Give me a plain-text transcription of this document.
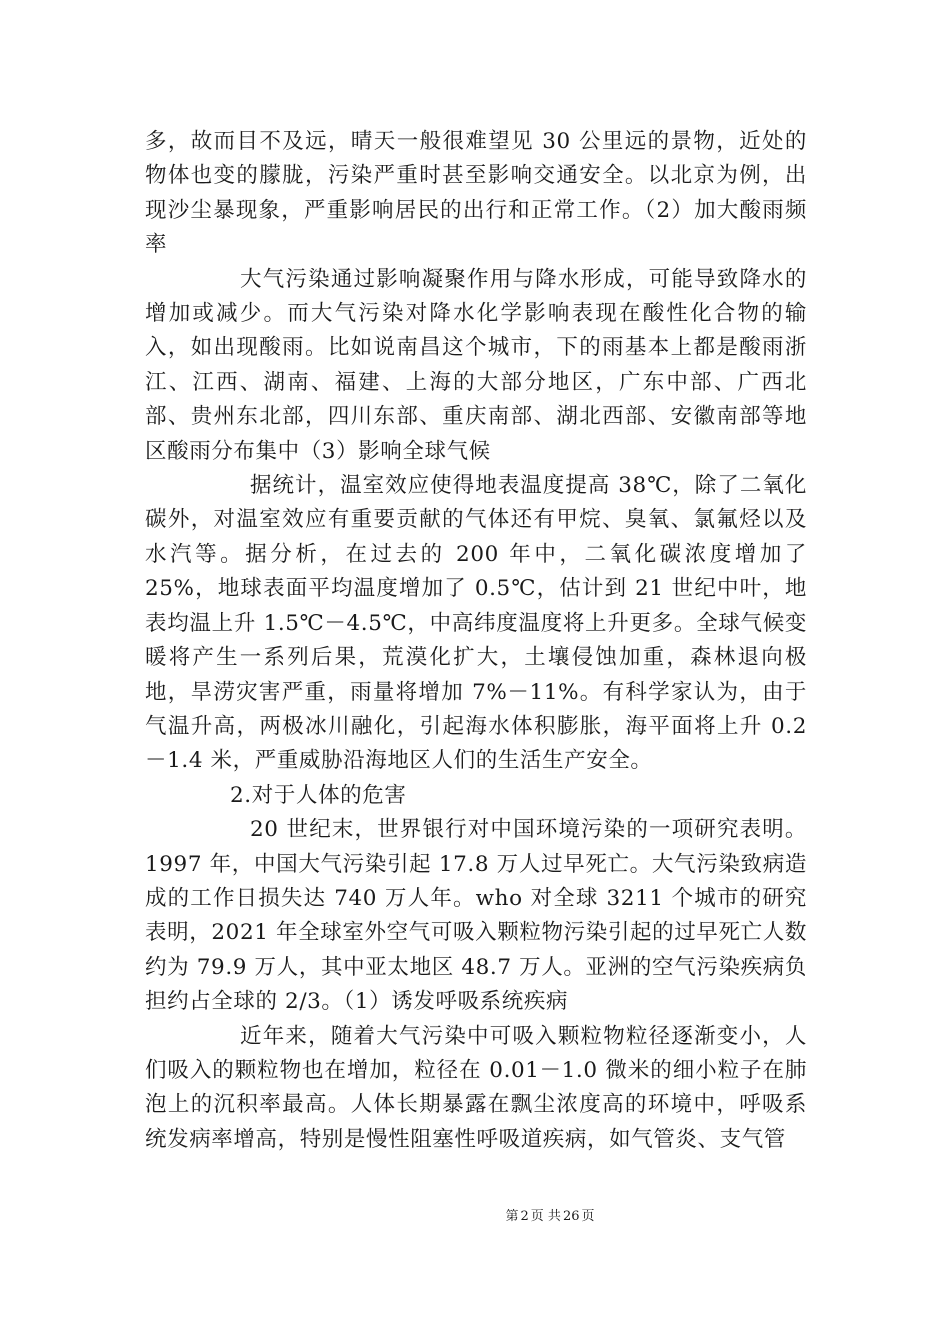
多，故而目不及远，晴天一般很难望见 30 公里远的景物，近处的物体也变的朦胧，污染严重时甚至影响交通安全。以北京为例，出现沙尘暴现象，严重影响居民的出行和正常工作。（2）加大酸雨频率

大气污染通过影响凝聚作用与降水形成，可能导致降水的增加或减少。而大气污染对降水化学影响表现在酸性化合物的输入，如出现酸雨。比如说南昌这个城市，下的雨基本上都是酸雨浙江、江西、湖南、福建、上海的大部分地区，广东中部、广西北部、贵州东北部，四川东部、重庆南部、湖北西部、安徽南部等地区酸雨分布集中（3）影响全球气候

据统计，温室效应使得地表温度提高 38℃，除了二氧化碳外，对温室效应有重要贡献的气体还有甲烷、臭氧、氯氟烃以及水汽等。据分析，在过去的 200 年中，二氧化碳浓度增加了 25%，地球表面平均温度增加了 0.5℃，估计到 21 世纪中叶，地表均温上升 1.5℃－4.5℃，中高纬度温度将上升更多。全球气候变暖将产生一系列后果，荒漠化扩大，土壤侵蚀加重，森林退向极地，旱涝灾害严重，雨量将增加 7%－11%。有科学家认为，由于气温升高，两极冰川融化，引起海水体积膨胀，海平面将上升 0.2－1.4 米，严重威胁沿海地区人们的生活生产安全。

2.对于人体的危害

20 世纪末，世界银行对中国环境污染的一项研究表明。1997 年，中国大气污染引起 17.8 万人过早死亡。大气污染致病造成的工作日损失达 740 万人年。who 对全球 3211 个城市的研究表明，2021 年全球室外空气可吸入颗粒物污染引起的过早死亡人数约为 79.9 万人，其中亚太地区 48.7 万人。亚洲的空气污染疾病负担约占全球的 2/3。（1）诱发呼吸系统疾病

近年来，随着大气污染中可吸入颗粒物粒径逐渐变小，人们吸入的颗粒物也在增加，粒径在 0.01－1.0 微米的细小粒子在肺泡上的沉积率最高。人体长期暴露在飘尘浓度高的环境中，呼吸系统发病率增高，特别是慢性阻塞性呼吸道疾病，如气管炎、支气管

第 2 页 共 26 页
